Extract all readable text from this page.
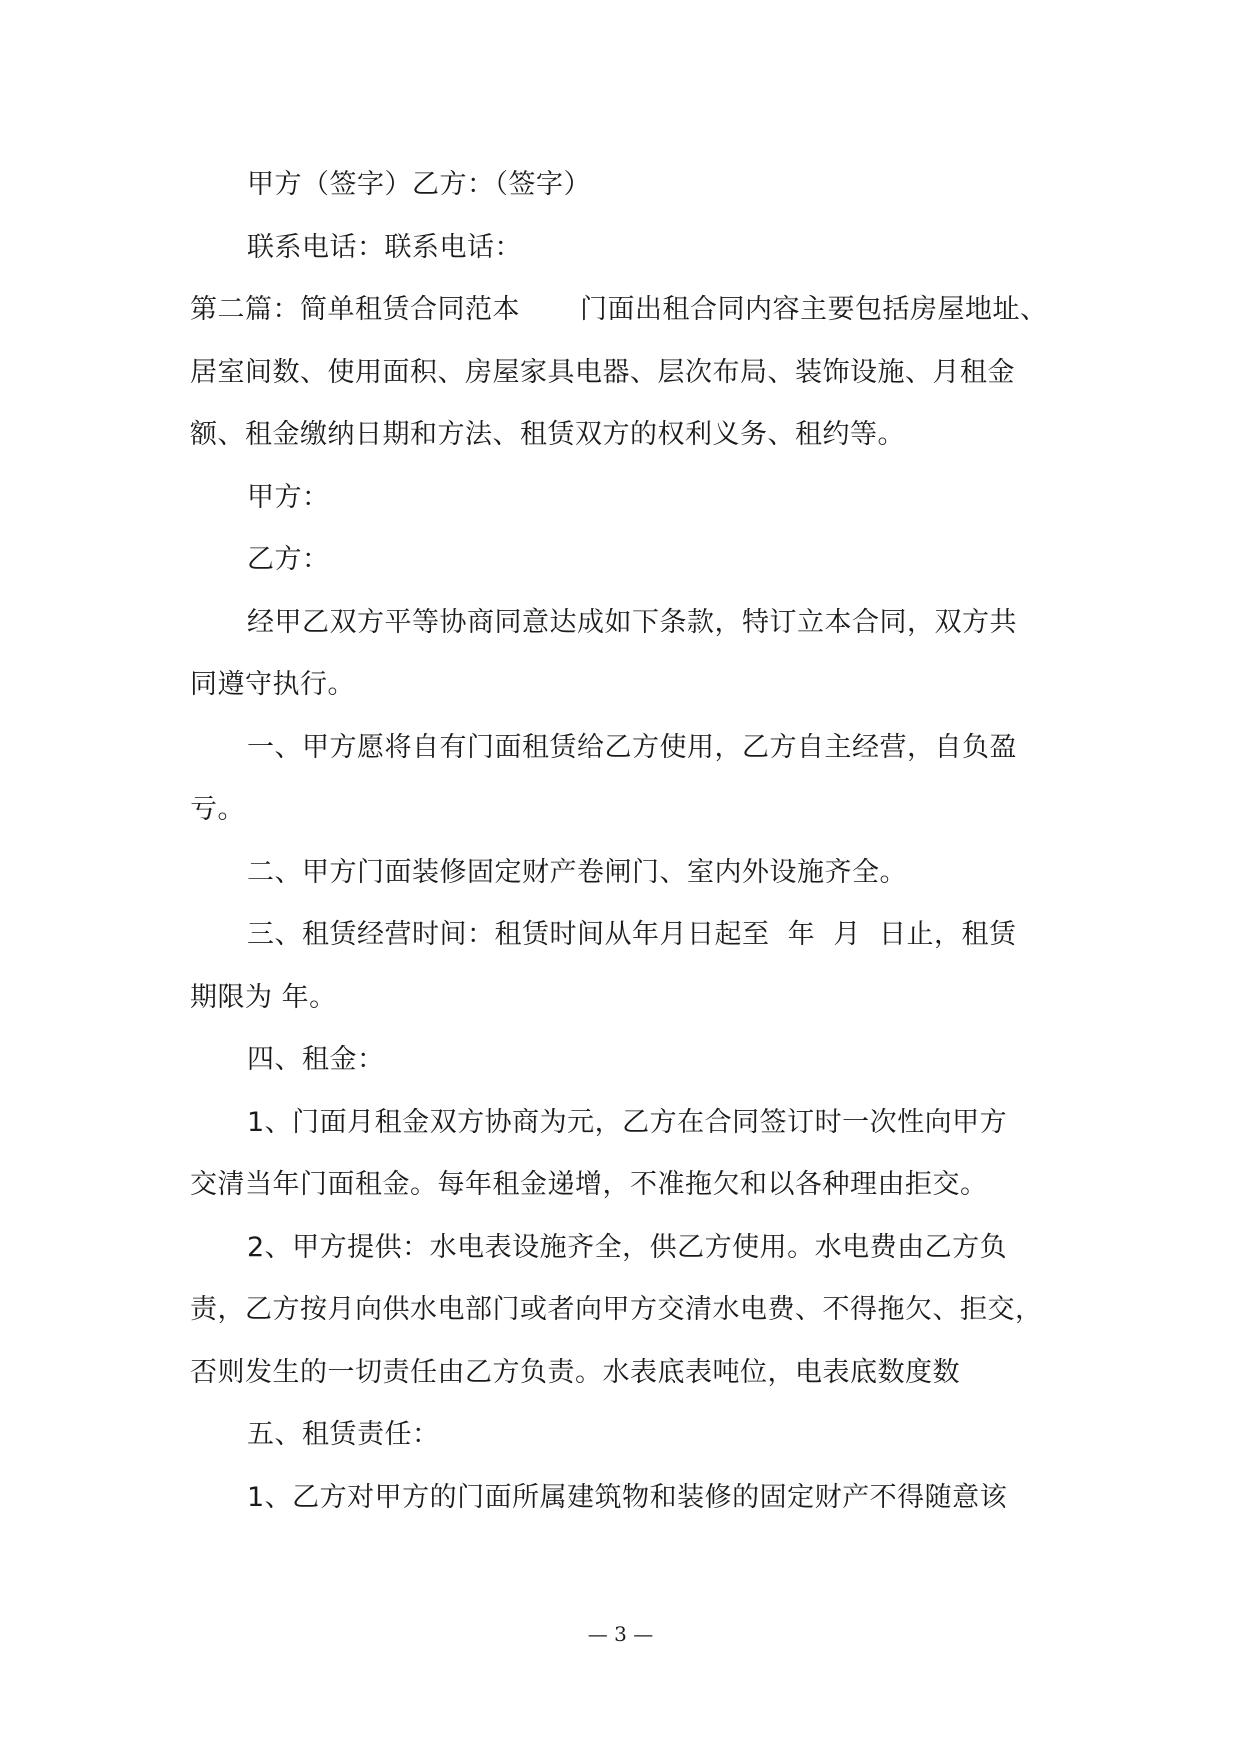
甲方（签字）乙方：（签字）

联系电话：联系电话：

第二篇：简单租赁合同范本 门面出租合同内容主要包括房屋地址、

居室间数、使用面积、房屋家具电器、层次布局、装饰设施、月租金

额、租金缴纳日期和方法、租赁双方的权利义务、租约等。

甲方：

乙方：

经甲乙双方平等协商同意达成如下条款，特订立本合同，双方共

同遵守执行。

一、甲方愿将自有门面租赁给乙方使用，乙方自主经营，自负盈

亏。

二、甲方门面装修固定财产卷闸门、室内外设施齐全。

三、租赁经营时间：租赁时间从年月日起至  年  月  日止，租赁

期限为 年。

四、租金：

1、门面月租金双方协商为元，乙方在合同签订时一次性向甲方

交清当年门面租金。每年租金递增，不准拖欠和以各种理由拒交。

2、甲方提供：水电表设施齐全，供乙方使用。水电费由乙方负

责，乙方按月向供水电部门或者向甲方交清水电费、不得拖欠、拒交，

否则发生的一切责任由乙方负责。水表底表吨位，电表底数度数

五、租赁责任：

1、乙方对甲方的门面所属建筑物和装修的固定财产不得随意该

— 3 —
